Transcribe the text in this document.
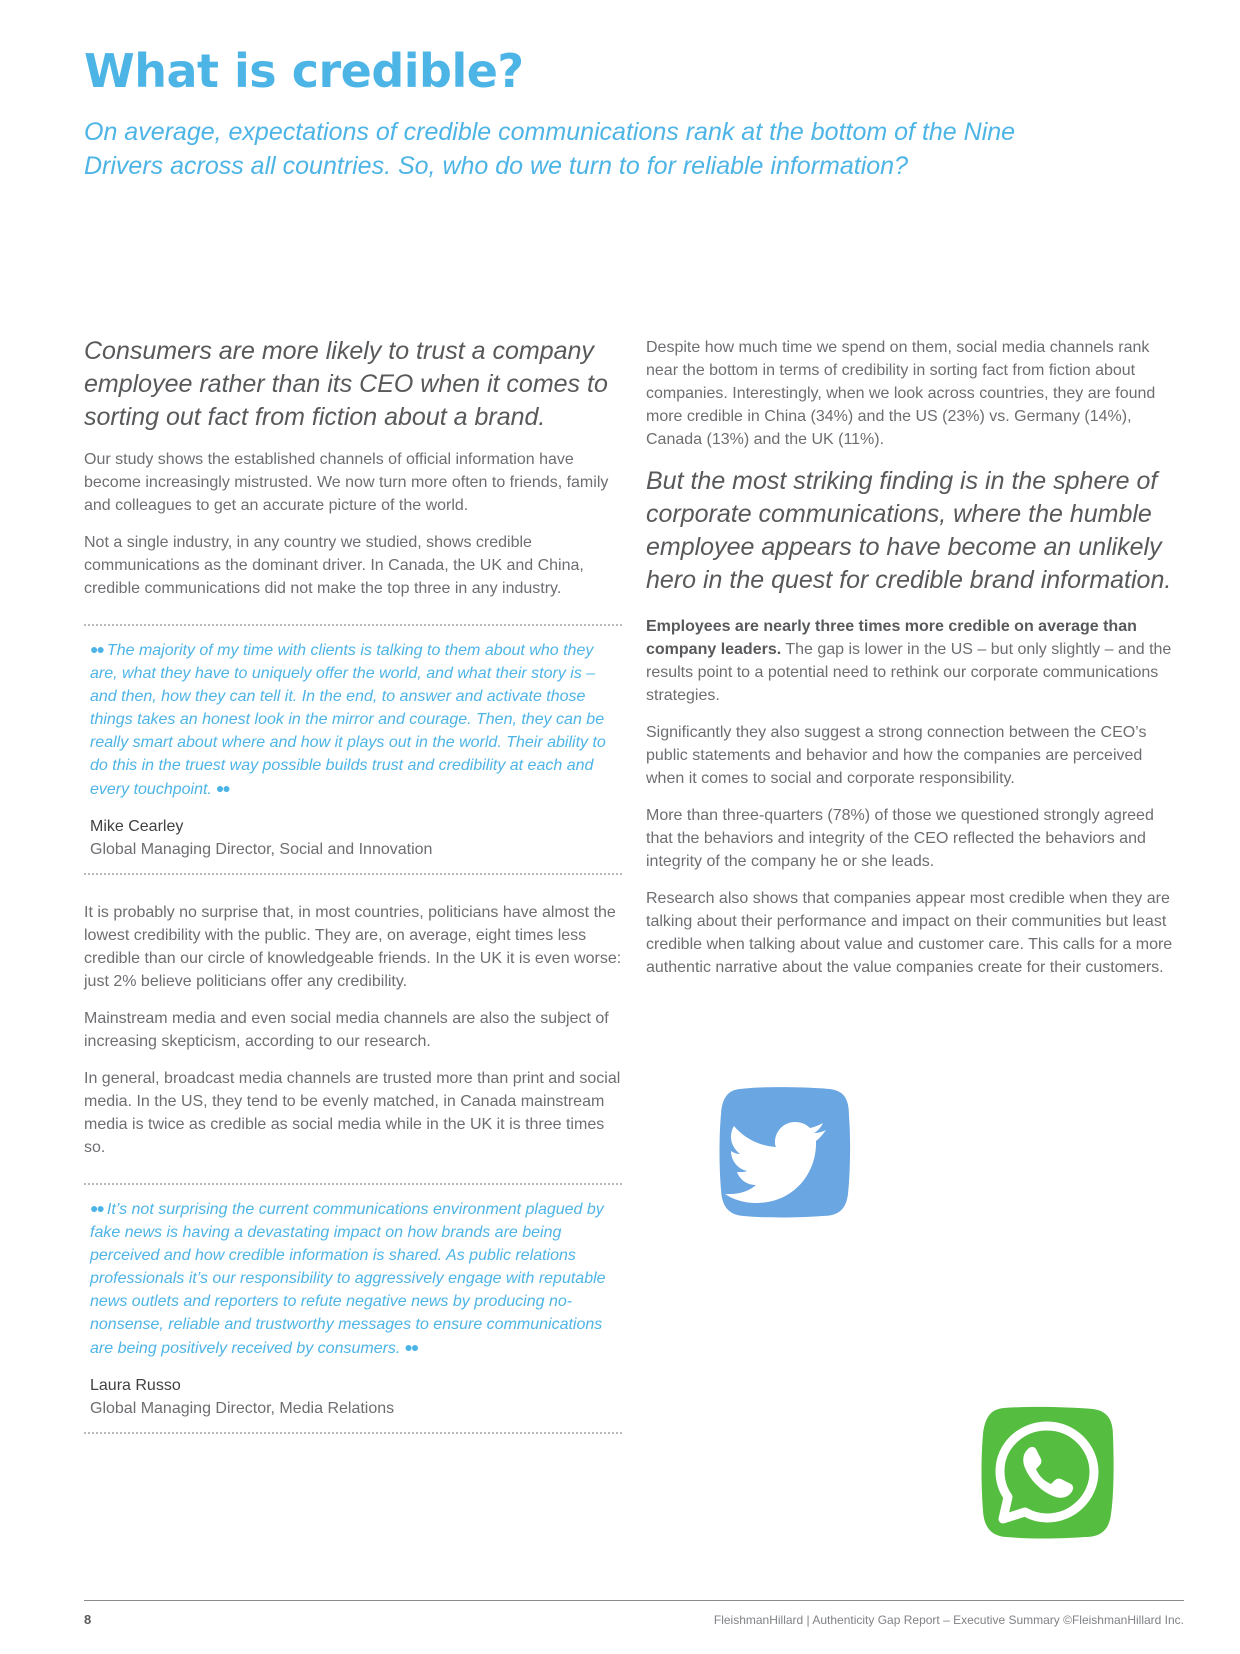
What is credible?

On average, expectations of credible communications rank at the bottom of the Nine Drivers across all countries. So, who do we turn to for reliable information?

Consumers are more likely to trust a company employee rather than its CEO when it comes to sorting out fact from fiction about a brand.

Our study shows the established channels of official information have become increasingly mistrusted. We now turn more often to friends, family and colleagues to get an accurate picture of the world.

Not a single industry, in any country we studied, shows credible communications as the dominant driver. In Canada, the UK and China, credible communications did not make the top three in any industry.

●● The majority of my time with clients is talking to them about who they are, what they have to uniquely offer the world, and what their story is – and then, how they can tell it. In the end, to answer and activate those things takes an honest look in the mirror and courage. Then, they can be really smart about where and how it plays out in the world. Their ability to do this in the truest way possible builds trust and credibility at each and every touchpoint. ●●

Mike Cearley

Global Managing Director, Social and Innovation

It is probably no surprise that, in most countries, politicians have almost the lowest credibility with the public. They are, on average, eight times less credible than our circle of knowledgeable friends. In the UK it is even worse: just 2% believe politicians offer any credibility.

Mainstream media and even social media channels are also the subject of increasing skepticism, according to our research.

In general, broadcast media channels are trusted more than print and social media. In the US, they tend to be evenly matched, in Canada mainstream media is twice as credible as social media while in the UK it is three times so.

●● It’s not surprising the current communications environment plagued by fake news is having a devastating impact on how brands are being perceived and how credible information is shared. As public relations professionals it’s our responsibility to aggressively engage with reputable news outlets and reporters to refute negative news by producing no-nonsense, reliable and trustworthy messages to ensure communications are being positively received by consumers. ●●

Laura Russo

Global Managing Director, Media Relations

Despite how much time we spend on them, social media channels rank near the bottom in terms of credibility in sorting fact from fiction about companies. Interestingly, when we look across countries, they are found more credible in China (34%) and the US (23%) vs. Germany (14%), Canada (13%) and the UK (11%).

But the most striking finding is in the sphere of corporate communications, where the humble employee appears to have become an unlikely hero in the quest for credible brand information.

Employees are nearly three times more credible on average than company leaders. The gap is lower in the US – but only slightly – and the results point to a potential need to rethink our corporate communications strategies.

Significantly they also suggest a strong connection between the CEO’s public statements and behavior and how the companies are perceived when it comes to social and corporate responsibility.

More than three-quarters (78%) of those we questioned strongly agreed that the behaviors and integrity of the CEO reflected the behaviors and integrity of the company he or she leads.

Research also shows that companies appear most credible when they are talking about their performance and impact on their communities but least credible when talking about value and customer care. This calls for a more authentic narrative about the value companies create for their customers.

8	FleishmanHillard | Authenticity Gap Report – Executive Summary ©FleishmanHillard Inc.
